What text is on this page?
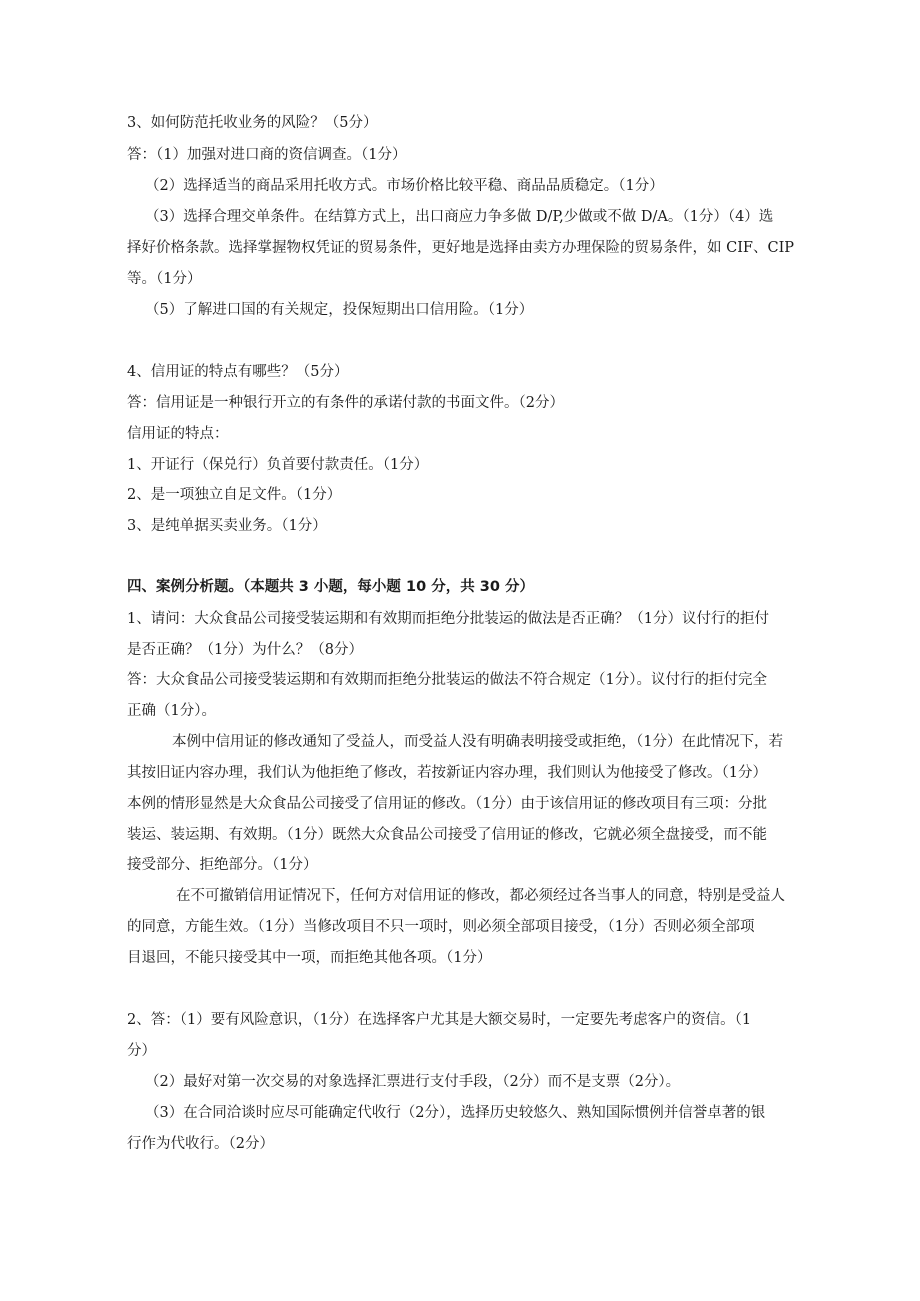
3、如何防范托收业务的风险？（5分）
答：（1）加强对进口商的资信调查。（1分）
（2）选择适当的商品采用托收方式。市场价格比较平稳、商品品质稳定。（1分）
（3）选择合理交单条件。在结算方式上，出口商应力争多做 D/P,少做或不做 D/A。（1分）（4）选
择好价格条款。选择掌握物权凭证的贸易条件，更好地是选择由卖方办理保险的贸易条件，如 CIF、CIP
等。（1分）
（5）了解进口国的有关规定，投保短期出口信用险。（1分）
4、信用证的特点有哪些？（5分）
答：信用证是一种银行开立的有条件的承诺付款的书面文件。（2分）
信用证的特点：
1、开证行（保兑行）负首要付款责任。（1分）
2、是一项独立自足文件。（1分）
3、是纯单据买卖业务。（1分）
四、案例分析题。（本题共 3 小题，每小题 10 分，共 30 分）
1、请问：大众食品公司接受装运期和有效期而拒绝分批装运的做法是否正确？（1分）议付行的拒付
是否正确？（1分）为什么？（8分）
答：大众食品公司接受装运期和有效期而拒绝分批装运的做法不符合规定（1分）。议付行的拒付完全
正确（1分）。
本例中信用证的修改通知了受益人，而受益人没有明确表明接受或拒绝，（1分）在此情况下，若
其按旧证内容办理，我们认为他拒绝了修改，若按新证内容办理，我们则认为他接受了修改。（1分）
本例的情形显然是大众食品公司接受了信用证的修改。（1分）由于该信用证的修改项目有三项：分批
装运、装运期、有效期。（1分）既然大众食品公司接受了信用证的修改，它就必须全盘接受，而不能
接受部分、拒绝部分。（1分）
在不可撤销信用证情况下，任何方对信用证的修改，都必须经过各当事人的同意，特别是受益人
的同意，方能生效。（1分）当修改项目不只一项时，则必须全部项目接受，（1分）否则必须全部项
目退回，不能只接受其中一项，而拒绝其他各项。（1分）
2、答：（1）要有风险意识，（1分）在选择客户尤其是大额交易时，一定要先考虑客户的资信。（1
分）
（2）最好对第一次交易的对象选择汇票进行支付手段，（2分）而不是支票（2分）。
（3）在合同洽谈时应尽可能确定代收行（2分），选择历史较悠久、熟知国际惯例并信誉卓著的银
行作为代收行。（2分）
